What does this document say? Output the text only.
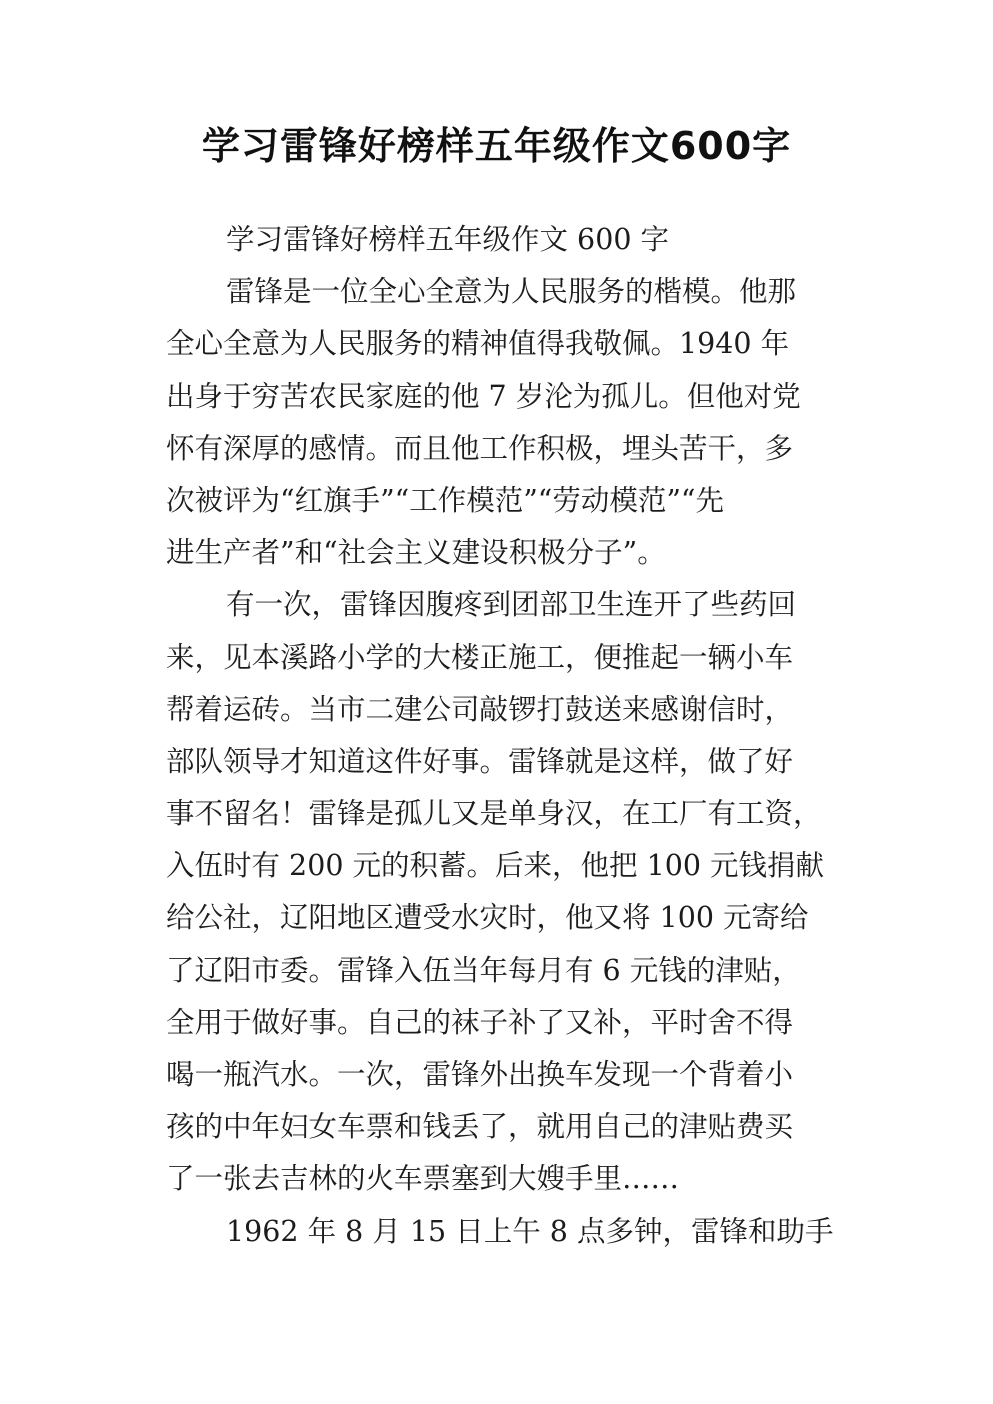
学习雷锋好榜样五年级作文600字
学习雷锋好榜样五年级作文 600 字
雷锋是一位全心全意为人民服务的楷模。他那
全心全意为人民服务的精神值得我敬佩。1940 年
出身于穷苦农民家庭的他 7 岁沦为孤儿。但他对党
怀有深厚的感情。而且他工作积极，埋头苦干，多
次被评为“红旗手”“工作模范”“劳动模范”“先
进生产者”和“社会主义建设积极分子”。
有一次，雷锋因腹疼到团部卫生连开了些药回
来，见本溪路小学的大楼正施工，便推起一辆小车
帮着运砖。当市二建公司敲锣打鼓送来感谢信时，
部队领导才知道这件好事。雷锋就是这样，做了好
事不留名！雷锋是孤儿又是单身汉，在工厂有工资，
入伍时有 200 元的积蓄。后来，他把 100 元钱捐献
给公社，辽阳地区遭受水灾时，他又将 100 元寄给
了辽阳市委。雷锋入伍当年每月有 6 元钱的津贴，
全用于做好事。自己的袜子补了又补，平时舍不得
喝一瓶汽水。一次，雷锋外出换车发现一个背着小
孩的中年妇女车票和钱丢了，就用自己的津贴费买
了一张去吉林的火车票塞到大嫂手里……
1962 年 8 月 15 日上午 8 点多钟，雷锋和助手
